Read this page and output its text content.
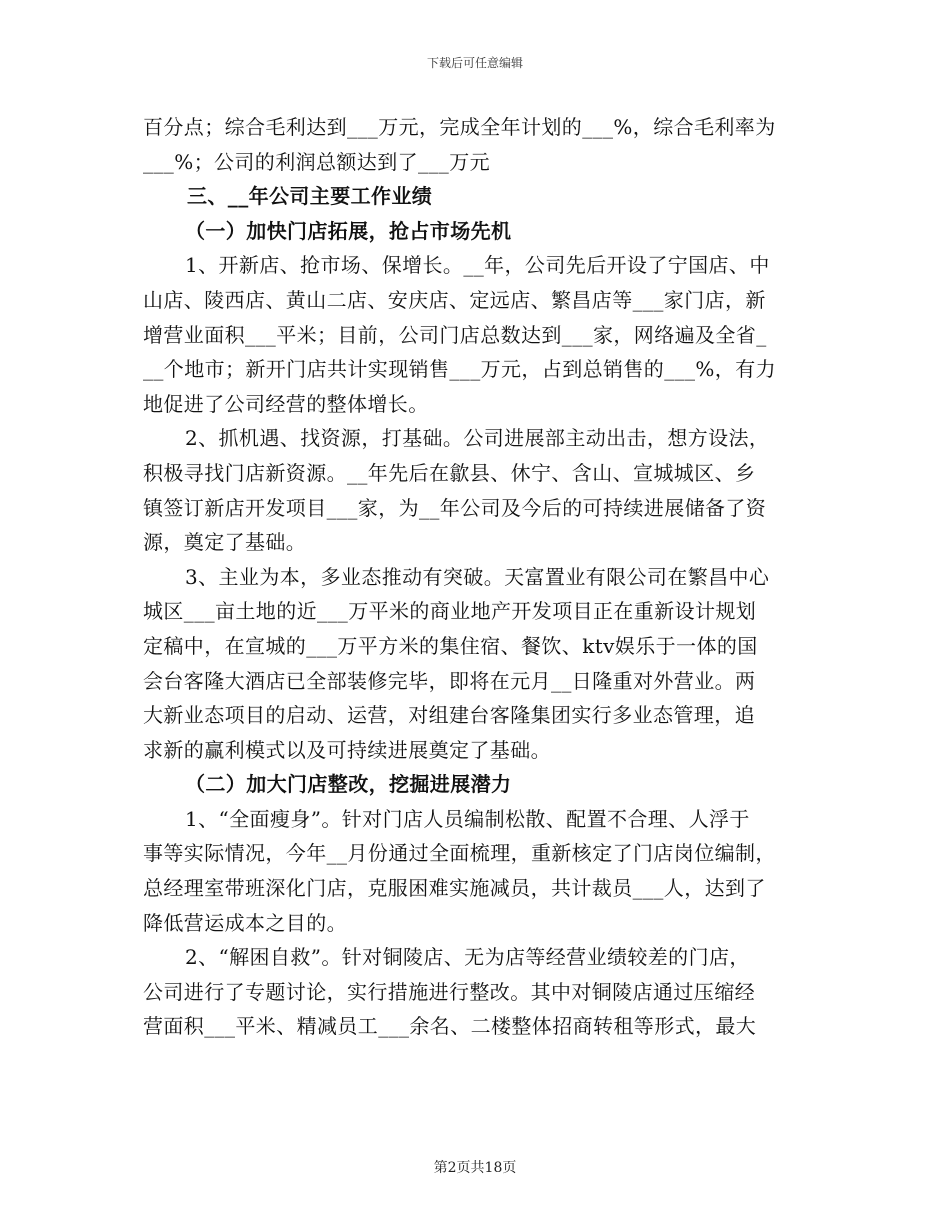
下载后可任意编辑
百分点；综合毛利达到___万元，完成全年计划的___%，综合毛利率为
___%；公司的利润总额达到了___万元
三、__年公司主要工作业绩
（一）加快门店拓展，抢占市场先机
1、开新店、抢市场、保增长。__年，公司先后开设了宁国店、中
山店、陵西店、黄山二店、安庆店、定远店、繁昌店等___家门店，新
增营业面积___平米；目前，公司门店总数达到___家，网络遍及全省_
__个地市；新开门店共计实现销售___万元，占到总销售的___%，有力
地促进了公司经营的整体增长。
2、抓机遇、找资源，打基础。公司进展部主动出击，想方设法，
积极寻找门店新资源。__年先后在歙县、休宁、含山、宣城城区、乡
镇签订新店开发项目___家，为__年公司及今后的可持续进展储备了资
源，奠定了基础。
3、主业为本，多业态推动有突破。天富置业有限公司在繁昌中心
城区___亩土地的近___万平米的商业地产开发项目正在重新设计规划
定稿中，在宣城的___万平方米的集住宿、餐饮、ktv娱乐于一体的国
会台客隆大酒店已全部装修完毕，即将在元月__日隆重对外营业。两
大新业态项目的启动、运营，对组建台客隆集团实行多业态管理，追
求新的赢利模式以及可持续进展奠定了基础。
（二）加大门店整改，挖掘进展潜力
1、“全面瘦身”。针对门店人员编制松散、配置不合理、人浮于
事等实际情况，今年__月份通过全面梳理，重新核定了门店岗位编制，
总经理室带班深化门店，克服困难实施减员，共计裁员___人，达到了
降低营运成本之目的。
2、“解困自救”。针对铜陵店、无为店等经营业绩较差的门店，
公司进行了专题讨论，实行措施进行整改。其中对铜陵店通过压缩经
营面积___平米、精减员工___余名、二楼整体招商转租等形式，最大
第2页共18页
